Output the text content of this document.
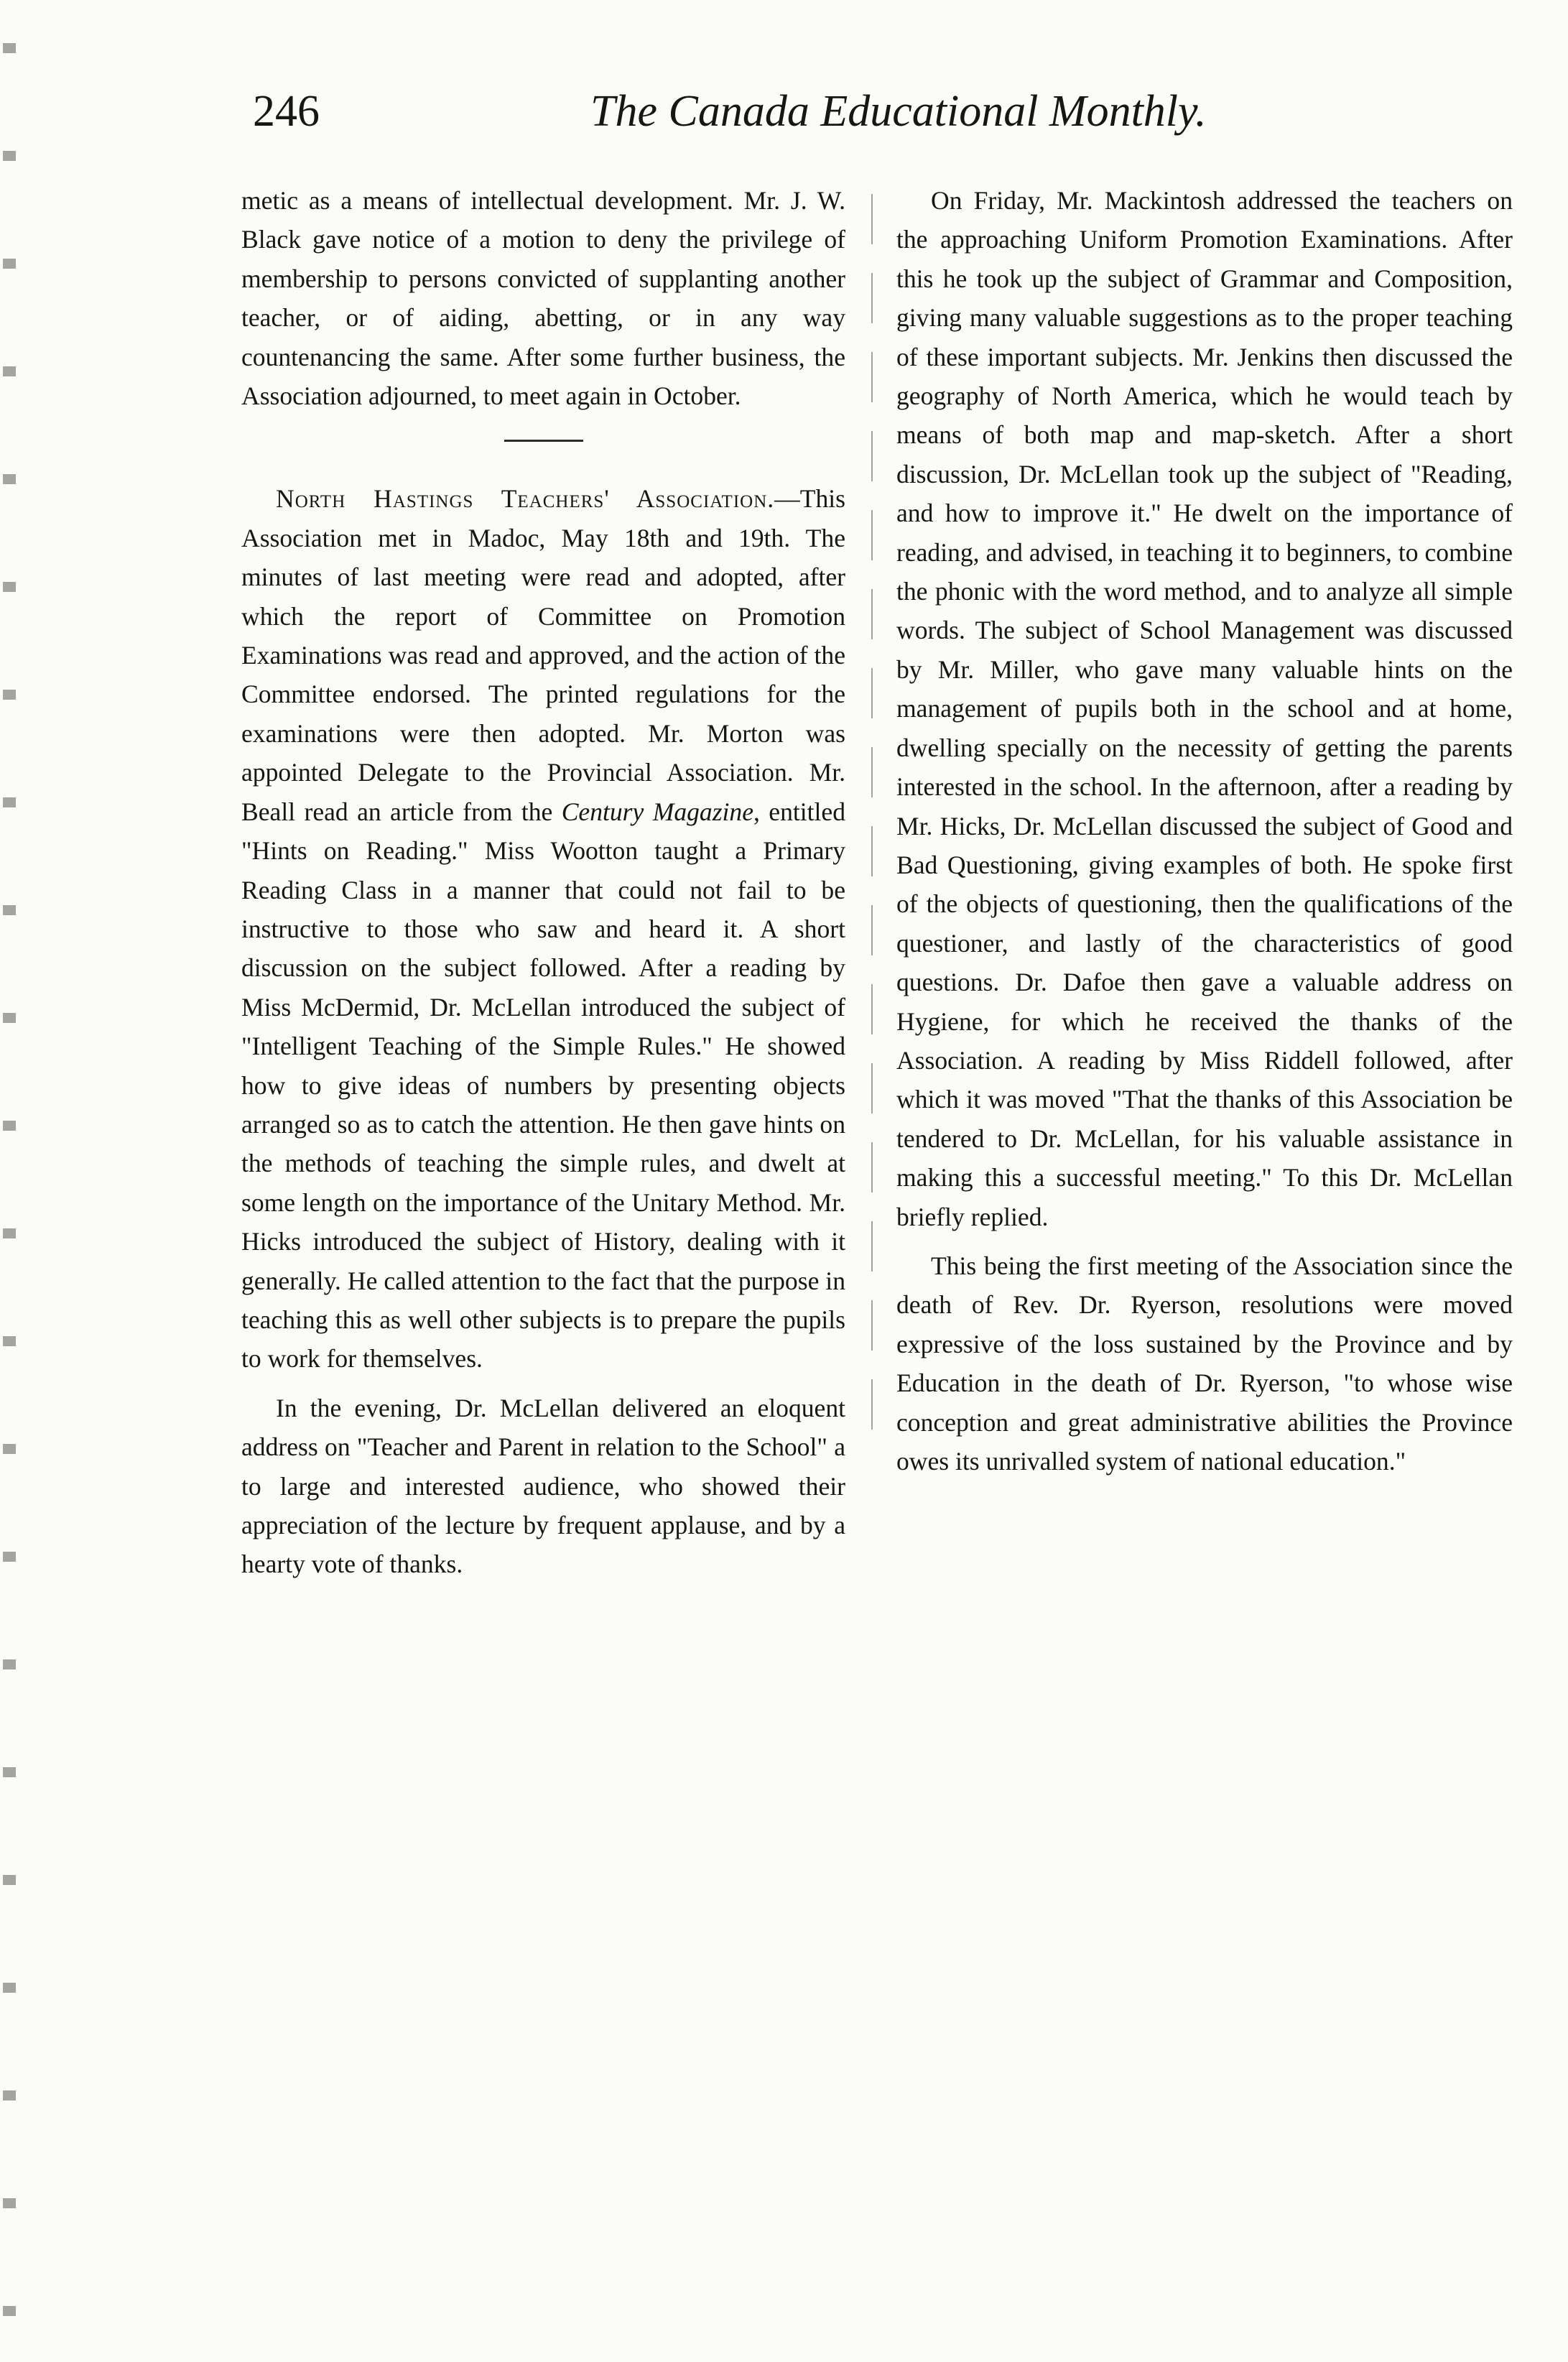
246	The Canada Educational Monthly.

metic as a means of intellectual development. Mr. J. W. Black gave notice of a motion to deny the privilege of membership to persons convicted of supplanting another teacher, or of aiding, abetting, or in any way countenancing the same. After some further business, the Association adjourned, to meet again in October.

North Hastings Teachers' Association.—This Association met in Madoc, May 18th and 19th. The minutes of last meeting were read and adopted, after which the report of Committee on Promotion Examinations was read and approved, and the action of the Committee endorsed. The printed regulations for the examinations were then adopted. Mr. Morton was appointed Delegate to the Provincial Association. Mr. Beall read an article from the Century Magazine, entitled "Hints on Reading." Miss Wootton taught a Primary Reading Class in a manner that could not fail to be instructive to those who saw and heard it. A short discussion on the subject followed. After a reading by Miss McDermid, Dr. McLellan introduced the subject of "Intelligent Teaching of the Simple Rules." He showed how to give ideas of numbers by presenting objects arranged so as to catch the attention. He then gave hints on the methods of teaching the simple rules, and dwelt at some length on the importance of the Unitary Method. Mr. Hicks introduced the subject of History, dealing with it generally. He called attention to the fact that the purpose in teaching this as well other subjects is to prepare the pupils to work for themselves.

In the evening, Dr. McLellan delivered an eloquent address on "Teacher and Parent in relation to the School" a to large and interested audience, who showed their appreciation of the lecture by frequent applause, and by a hearty vote of thanks.

On Friday, Mr. Mackintosh addressed the teachers on the approaching Uniform Promotion Examinations. After this he took up the subject of Grammar and Composition, giving many valuable suggestions as to the proper teaching of these important subjects. Mr. Jenkins then discussed the geography of North America, which he would teach by means of both map and map-sketch. After a short discussion, Dr. McLellan took up the subject of "Reading, and how to improve it." He dwelt on the importance of reading, and advised, in teaching it to beginners, to combine the phonic with the word method, and to analyze all simple words. The subject of School Management was discussed by Mr. Miller, who gave many valuable hints on the management of pupils both in the school and at home, dwelling specially on the necessity of getting the parents interested in the school. In the afternoon, after a reading by Mr. Hicks, Dr. McLellan discussed the subject of Good and Bad Questioning, giving examples of both. He spoke first of the objects of questioning, then the qualifications of the questioner, and lastly of the characteristics of good questions. Dr. Dafoe then gave a valuable address on Hygiene, for which he received the thanks of the Association. A reading by Miss Riddell followed, after which it was moved "That the thanks of this Association be tendered to Dr. McLellan, for his valuable assistance in making this a successful meeting." To this Dr. McLellan briefly replied.

This being the first meeting of the Association since the death of Rev. Dr. Ryerson, resolutions were moved expressive of the loss sustained by the Province and by Education in the death of Dr. Ryerson, "to whose wise conception and great administrative abilities the Province owes its unrivalled system of national education."
